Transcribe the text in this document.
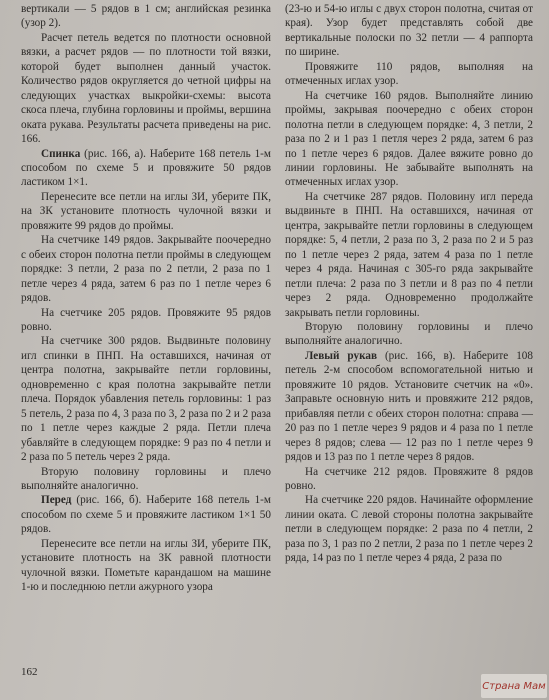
вертикали — 5 рядов в 1 см; английская резинка (узор 2).

Расчет петель ведется по плотности основной вязки, а расчет рядов — по плотности той вязки, которой будет выполнен данный участок. Количество рядов округляется до четной цифры на следующих участках выкройки-схемы: высота скоса плеча, глубина горловины и проймы, вершина оката рукава. Результаты расчета приведены на рис. 166.

Спинка (рис. 166, а). Наберите 168 петель 1-м способом по схеме 5 и провяжите 50 рядов ластиком 1×1.

Перенесите все петли на иглы ЗИ, уберите ПК, на ЗК установите плотность чулочной вязки и провяжите 99 рядов до проймы.

На счетчике 149 рядов. Закрывайте поочередно с обеих сторон полотна петли проймы в следующем порядке: 3 петли, 2 раза по 2 петли, 2 раза по 1 петле через 4 ряда, затем 6 раз по 1 петле через 6 рядов.

На счетчике 205 рядов. Провяжите 95 рядов ровно.

На счетчике 300 рядов. Выдвиньте половину игл спинки в ПНП. На оставшихся, начиная от центра полотна, закрывайте петли горловины, одновременно с края полотна закрывайте петли плеча. Порядок убавления петель горловины: 1 раз 5 петель, 2 раза по 4, 3 раза по 3, 2 раза по 2 и 2 раза по 1 петле через каждые 2 ряда. Петли плеча убавляйте в следующем порядке: 9 раз по 4 петли и 2 раза по 5 петель через 2 ряда.

Вторую половину горловины и плечо выполняйте аналогично.

Перед (рис. 166, б). Наберите 168 петель 1-м способом по схеме 5 и провяжите ластиком 1×1 50 рядов.

Перенесите все петли на иглы ЗИ, уберите ПК, установите плотность на ЗК равной плотности чулочной вязки. Пометьте карандашом на машине 1-ю и последнюю петли ажурного узора

(23-ю и 54-ю иглы с двух сторон полотна, считая от края). Узор будет представлять собой две вертикальные полоски по 32 петли — 4 раппорта по ширине.

Провяжите 110 рядов, выполняя на отмеченных иглах узор.

На счетчике 160 рядов. Выполняйте линию проймы, закрывая поочередно с обеих сторон полотна петли в следующем порядке: 4, 3 петли, 2 раза по 2 и 1 раз 1 петля через 2 ряда, затем 6 раз по 1 петле через 6 рядов. Далее вяжите ровно до линии горловины. Не забывайте выполнять на отмеченных иглах узор.

На счетчике 287 рядов. Половину игл переда выдвиньте в ПНП. На оставшихся, начиная от центра, закрывайте петли горловины в следующем порядке: 5, 4 петли, 2 раза по 3, 2 раза по 2 и 5 раз по 1 петле через 2 ряда, затем 4 раза по 1 петле через 4 ряда. Начиная с 305-го ряда закрывайте петли плеча: 2 раза по 3 петли и 8 раз по 4 петли через 2 ряда. Одновременно продолжайте закрывать петли горловины.

Вторую половину горловины и плечо выполняйте аналогично.

Левый рукав (рис. 166, в). Наберите 108 петель 2-м способом вспомогательной нитью и провяжите 10 рядов. Установите счетчик на «0». Заправьте основную нить и провяжите 212 рядов, прибавляя петли с обеих сторон полотна: справа — 20 раз по 1 петле через 9 рядов и 4 раза по 1 петле через 8 рядов; слева — 12 раз по 1 петле через 9 рядов и 13 раз по 1 петле через 8 рядов.

На счетчике 212 рядов. Провяжите 8 рядов ровно.

На счетчике 220 рядов. Начинайте оформление линии оката. С левой стороны полотна закрывайте петли в следующем порядке: 2 раза по 4 петли, 2 раза по 3, 1 раз по 2 петли, 2 раза по 1 петле через 2 ряда, 14 раз по 1 петле через 4 ряда, 2 раза по

162
Страна Мам
